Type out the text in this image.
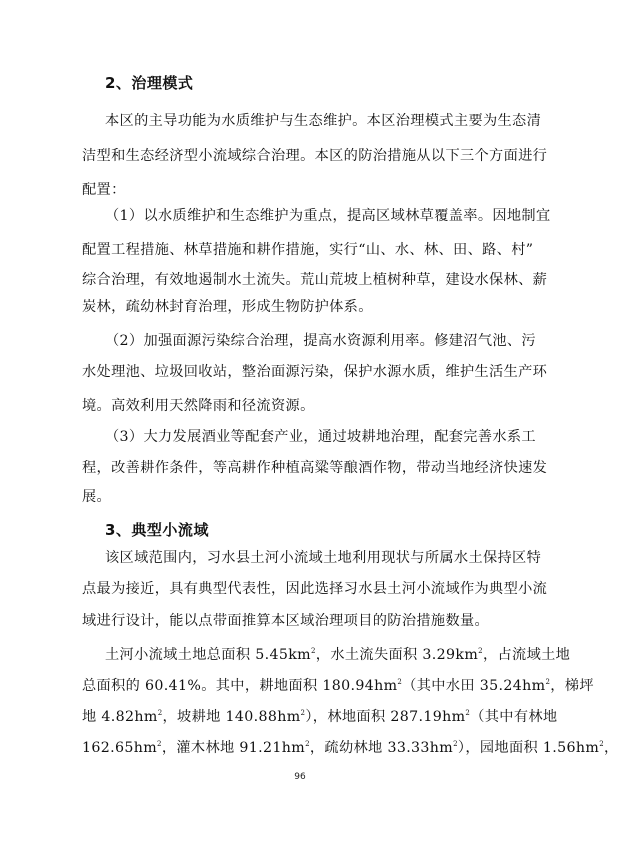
2、治理模式
本区的主导功能为水质维护与生态维护。本区治理模式主要为生态清
洁型和生态经济型小流域综合治理。本区的防治措施从以下三个方面进行
配置：
（1）以水质维护和生态维护为重点，提高区域林草覆盖率。因地制宜
配置工程措施、林草措施和耕作措施，实行“山、水、林、田、路、村”
综合治理，有效地遏制水土流失。荒山荒坡上植树种草，建设水保林、薪
炭林，疏幼林封育治理，形成生物防护体系。
（2）加强面源污染综合治理，提高水资源利用率。修建沼气池、污
水处理池、垃圾回收站，整治面源污染，保护水源水质，维护生活生产环
境。高效利用天然降雨和径流资源。
（3）大力发展酒业等配套产业，通过坡耕地治理，配套完善水系工
程，改善耕作条件，等高耕作种植高粱等酿酒作物，带动当地经济快速发
展。
3、典型小流域
该区域范围内，习水县土河小流域土地利用现状与所属水土保持区特
点最为接近，具有典型代表性，因此选择习水县土河小流域作为典型小流
域进行设计，能以点带面推算本区域治理项目的防治措施数量。
土河小流域土地总面积 $5.45km^2$，水土流失面积 $3.29km^2$，占流域土地
总面积的 60.41%。其中，耕地面积 $180.94hm^2$（其中水田 $35.24hm^2$，梯坪
地 $4.82hm^2$，坡耕地 $140.88hm^2$），林地面积 $287.19hm^2$（其中有林地
$162.65hm^2$，灌木林地 $91.21hm^2$，疏幼林地 $33.33hm^2$），园地面积 $1.56hm^2$，
96
